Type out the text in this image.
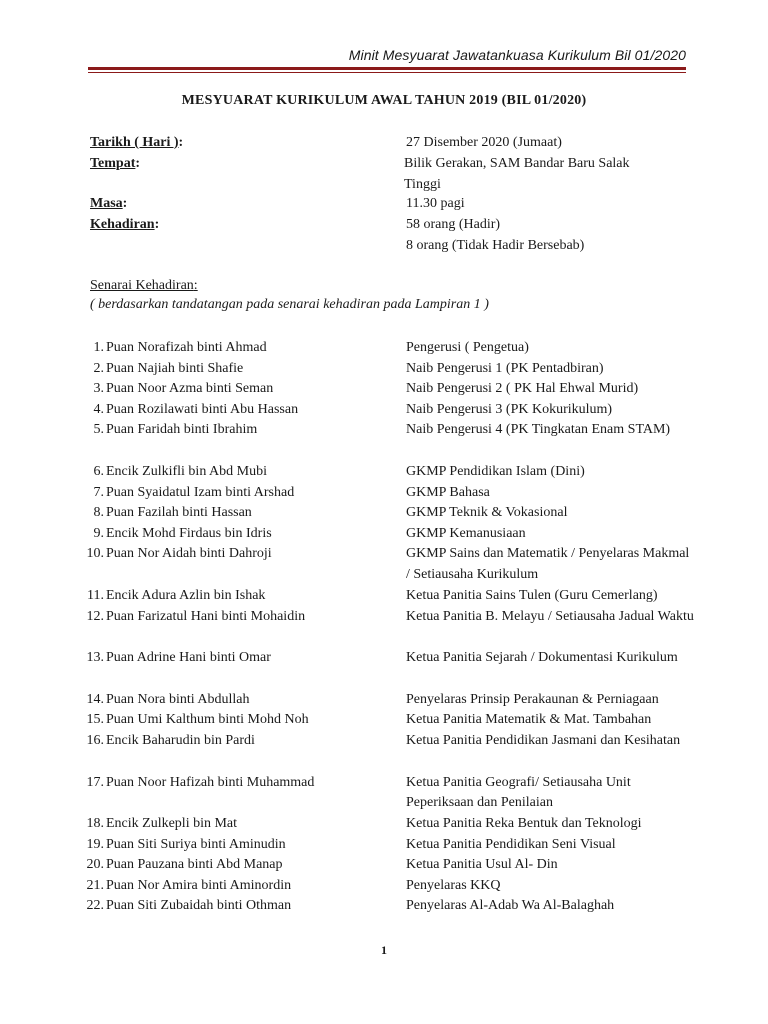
Minit Mesyuarat Jawatankuasa Kurikulum Bil 01/2020
MESYUARAT KURIKULUM AWAL TAHUN 2019 (BIL 01/2020)
Tarikh ( Hari ):	27 Disember 2020 (Jumaat)
Tempat:	Bilik Gerakan, SAM Bandar Baru Salak
Tinggi
Masa:	11.30 pagi
Kehadiran:	58 orang (Hadir)
8 orang (Tidak Hadir Bersebab)
Senarai Kehadiran:
( berdasarkan tandatangan pada senarai kehadiran pada Lampiran 1 )
1. Puan Norafizah binti Ahmad	Pengerusi ( Pengetua)
2. Puan Najiah binti Shafie	Naib Pengerusi 1 (PK Pentadbiran)
3. Puan Noor Azma binti Seman	Naib Pengerusi 2 ( PK Hal Ehwal Murid)
4. Puan Rozilawati binti Abu Hassan	Naib Pengerusi 3 (PK Kokurikulum)
5. Puan Faridah binti Ibrahim	Naib Pengerusi 4 (PK Tingkatan Enam STAM)
6. Encik Zulkifli bin Abd Mubi	GKMP Pendidikan Islam (Dini)
7. Puan Syaidatul Izam binti Arshad	GKMP Bahasa
8. Puan Fazilah binti Hassan	GKMP Teknik & Vokasional
9. Encik Mohd Firdaus bin Idris	GKMP Kemanusiaan
10. Puan Nor Aidah binti Dahroji	GKMP Sains dan Matematik / Penyelaras Makmal / Setiausaha Kurikulum
11. Encik Adura Azlin bin Ishak	Ketua Panitia Sains Tulen (Guru Cemerlang)
12. Puan Farizatul Hani binti Mohaidin	Ketua Panitia B. Melayu / Setiausaha Jadual Waktu
13. Puan Adrine Hani binti Omar	Ketua Panitia Sejarah / Dokumentasi Kurikulum
14. Puan Nora binti Abdullah	Penyelaras Prinsip Perakaunan & Perniagaan
15. Puan Umi Kalthum binti Mohd Noh	Ketua Panitia Matematik & Mat. Tambahan
16. Encik Baharudin bin Pardi	Ketua Panitia Pendidikan Jasmani dan Kesihatan
17. Puan Noor Hafizah binti Muhammad	Ketua Panitia Geografi/ Setiausaha Unit Peperiksaan dan Penilaian
18. Encik Zulkepli bin Mat	Ketua Panitia Reka Bentuk dan Teknologi
19. Puan Siti Suriya binti Aminudin	Ketua Panitia Pendidikan Seni Visual
20. Puan Pauzana binti Abd Manap	Ketua Panitia Usul Al- Din
21. Puan Nor Amira binti Aminordin	Penyelaras KKQ
22. Puan Siti Zubaidah binti Othman	Penyelaras Al-Adab Wa Al-Balaghah
1
